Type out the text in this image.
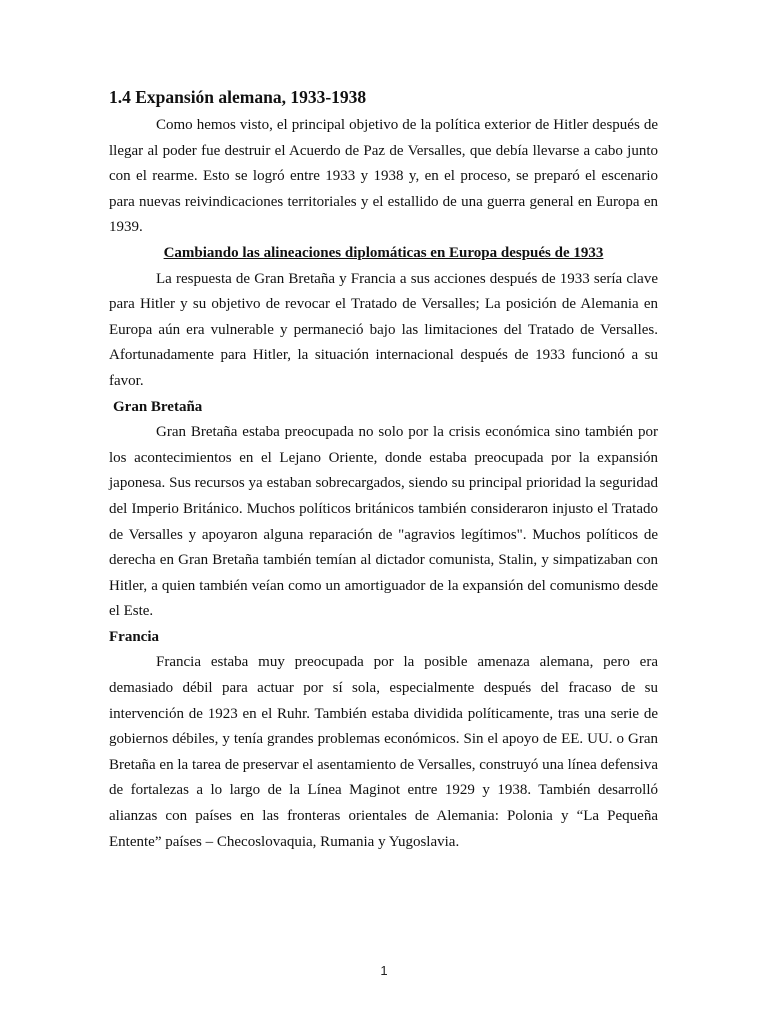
1.4 Expansión alemana, 1933-1938

Como hemos visto, el principal objetivo de la política exterior de Hitler después de llegar al poder fue destruir el Acuerdo de Paz de Versalles, que debía llevarse a cabo junto con el rearme. Esto se logró entre 1933 y 1938 y, en el proceso, se preparó el escenario para nuevas reivindicaciones territoriales y el estallido de una guerra general en Europa en 1939.

Cambiando las alineaciones diplomáticas en Europa después de 1933

La respuesta de Gran Bretaña y Francia a sus acciones después de 1933 sería clave para Hitler y su objetivo de revocar el Tratado de Versalles; La posición de Alemania en Europa aún era vulnerable y permaneció bajo las limitaciones del Tratado de Versalles. Afortunadamente para Hitler, la situación internacional después de 1933 funcionó a su favor.

Gran Bretaña

Gran Bretaña estaba preocupada no solo por la crisis económica sino también por los acontecimientos en el Lejano Oriente, donde estaba preocupada por la expansión japonesa. Sus recursos ya estaban sobrecargados, siendo su principal prioridad la seguridad del Imperio Británico. Muchos políticos británicos también consideraron injusto el Tratado de Versalles y apoyaron alguna reparación de "agravios legítimos". Muchos políticos de derecha en Gran Bretaña también temían al dictador comunista, Stalin, y simpatizaban con Hitler, a quien también veían como un amortiguador de la expansión del comunismo desde el Este.

Francia

Francia estaba muy preocupada por la posible amenaza alemana, pero era demasiado débil para actuar por sí sola, especialmente después del fracaso de su intervención de 1923 en el Ruhr. También estaba dividida políticamente, tras una serie de gobiernos débiles, y tenía grandes problemas económicos. Sin el apoyo de EE. UU. o Gran Bretaña en la tarea de preservar el asentamiento de Versalles, construyó una línea defensiva de fortalezas a lo largo de la Línea Maginot entre 1929 y 1938. También desarrolló alianzas con países en las fronteras orientales de Alemania: Polonia y “La Pequeña Entente” países – Checoslovaquia, Rumania y Yugoslavia.

1
